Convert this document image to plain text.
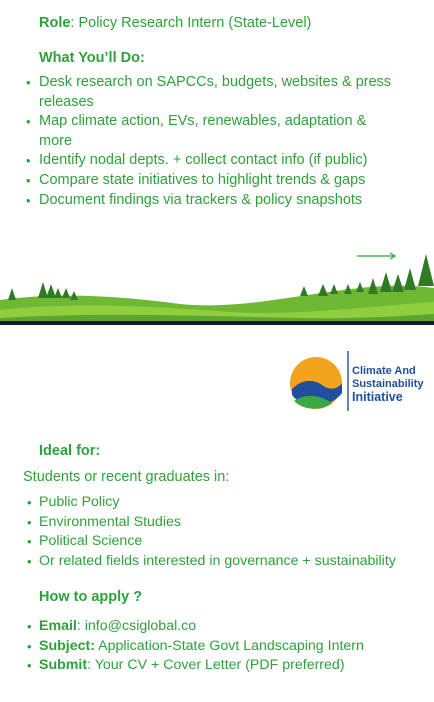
Role: Policy Research Intern (State-Level)
What You’ll Do:
• Desk research on SAPCCs, budgets, websites & press releases
• Map climate action, EVs, renewables, adaptation & more
• Identify nodal depts. + collect contact info (if public)
• Compare state initiatives to highlight trends & gaps
• Document findings via trackers & policy snapshots
Climate And
Sustainability
Initiative
Ideal for:
Students or recent graduates in:
• Public Policy
• Environmental Studies
• Political Science
• Or related fields interested in governance + sustainability
How to apply ?
• Email: info@csiglobal.co
• Subject: Application-State Govt Landscaping Intern
• Submit: Your CV + Cover Letter (PDF preferred)
